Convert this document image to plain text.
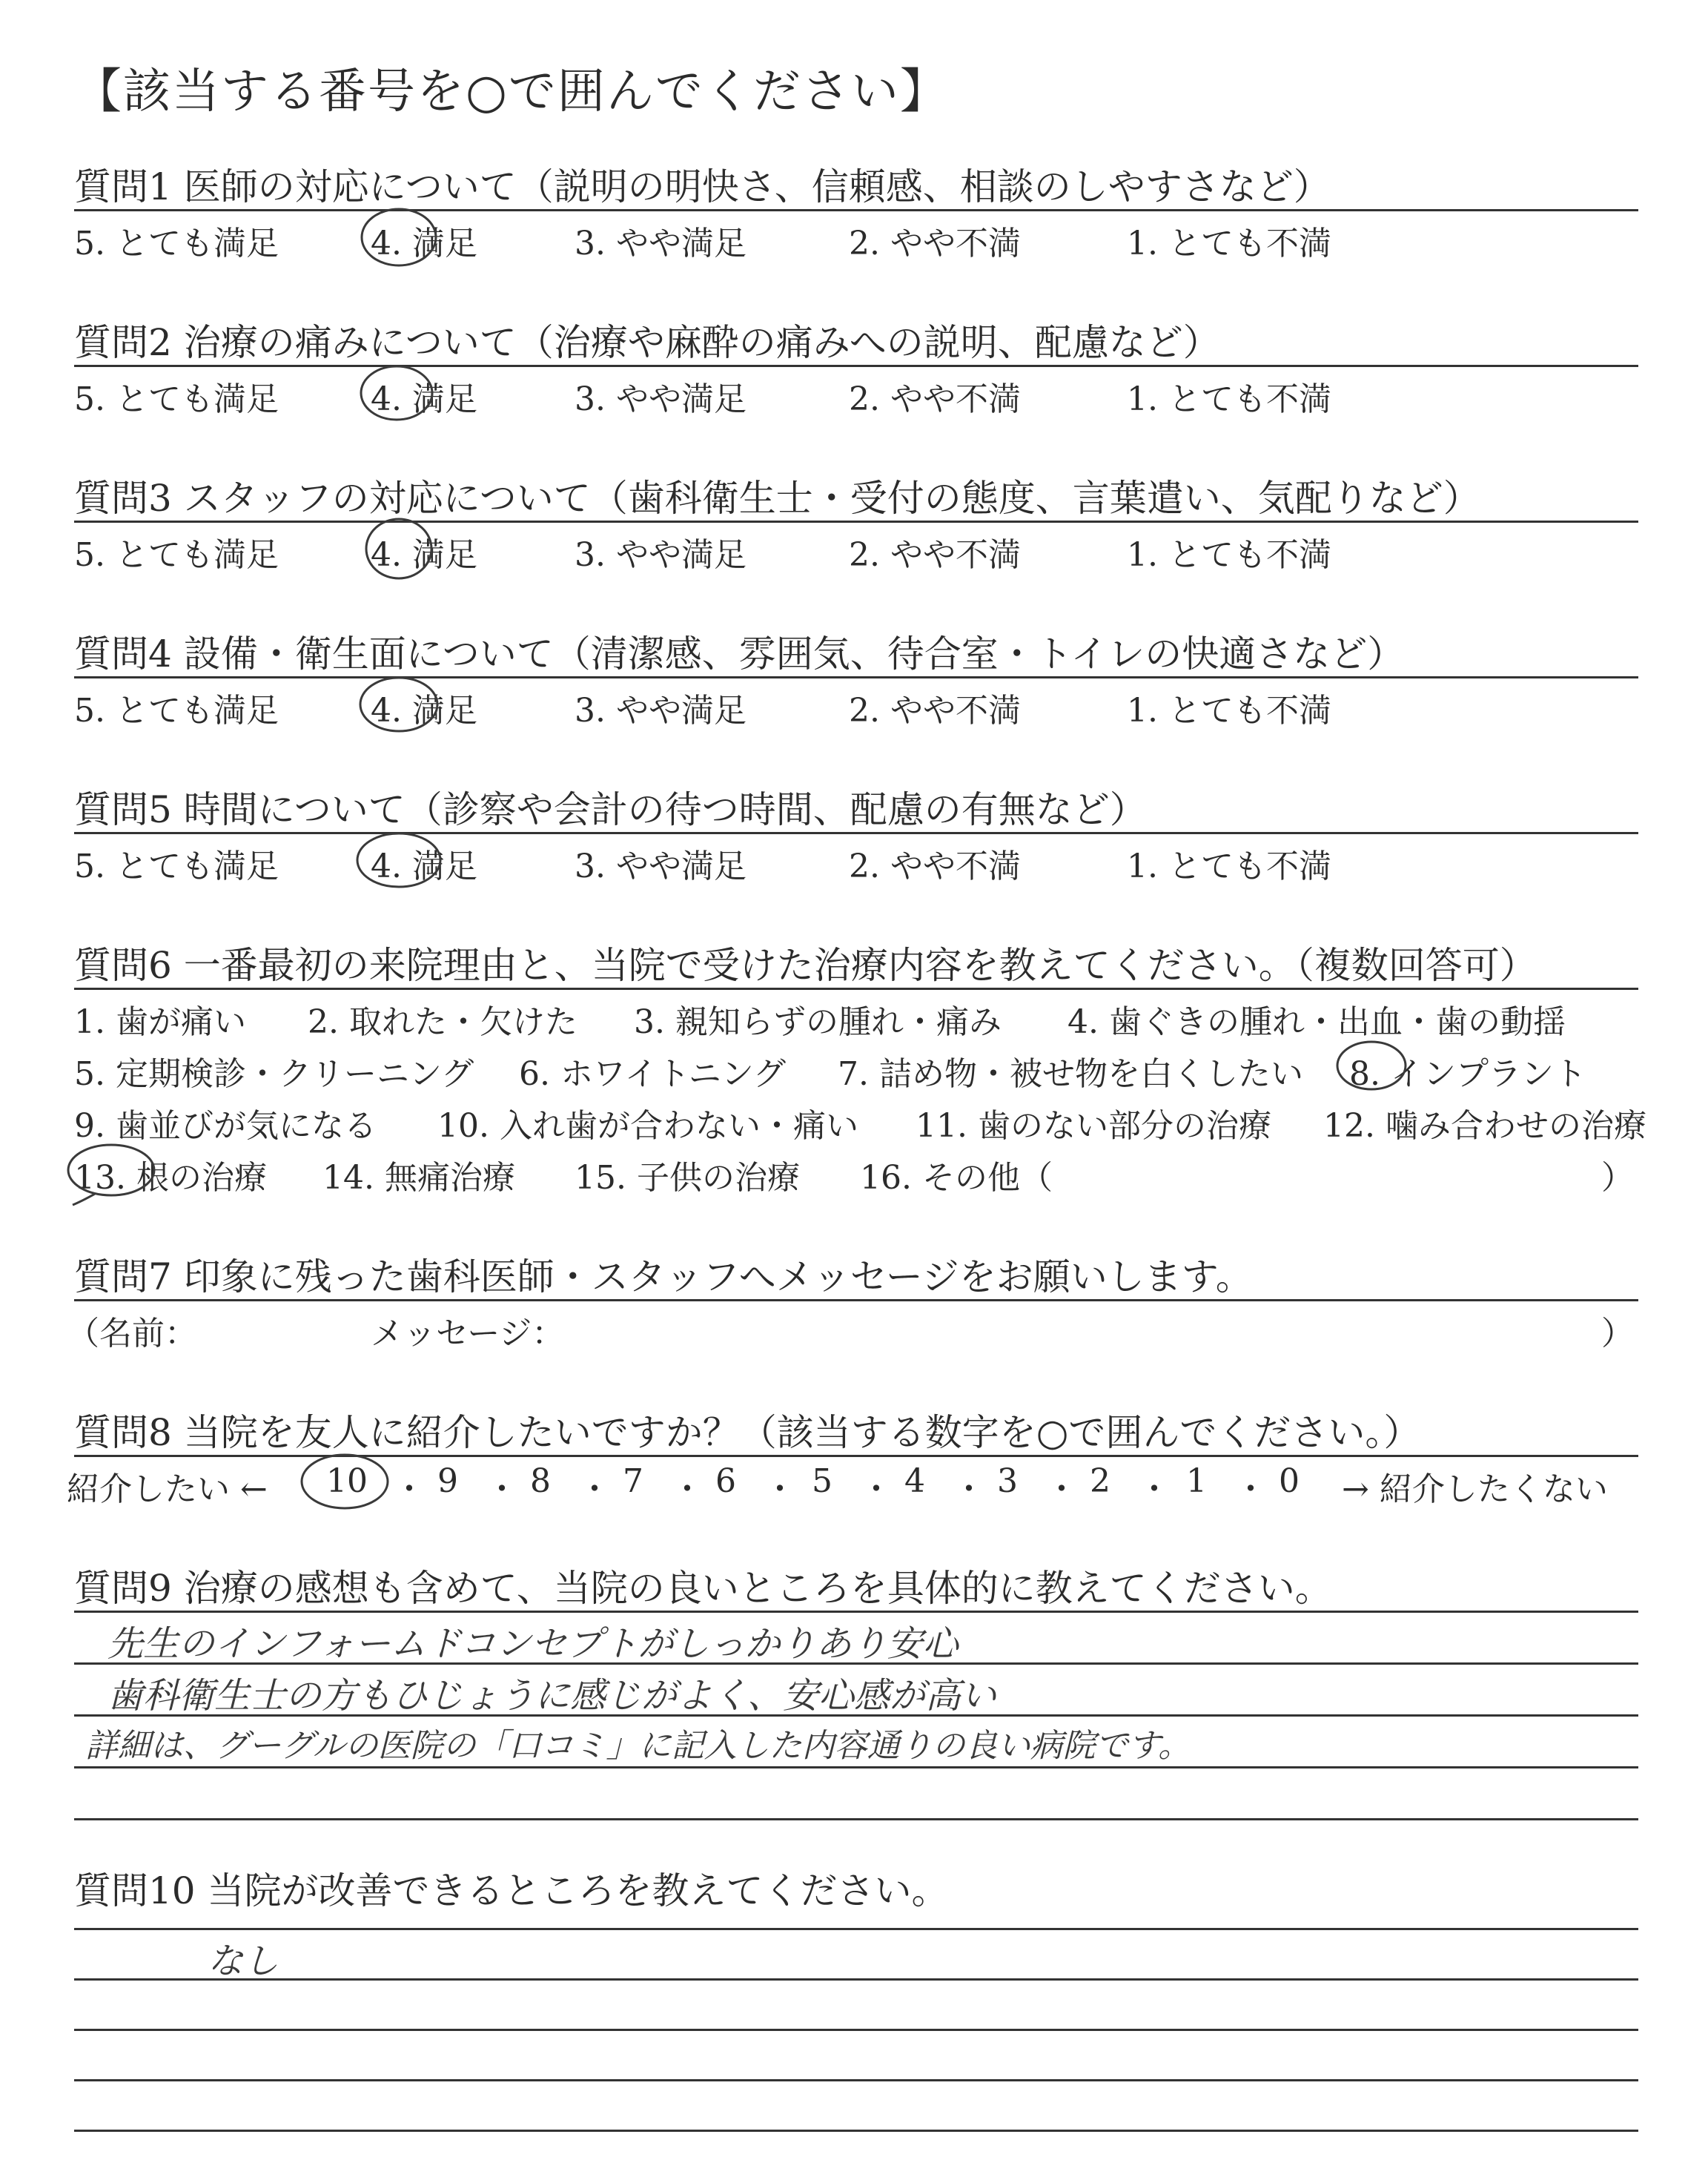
【該当する番号を○で囲んでください】
質問1 医師の対応について（説明の明快さ、信頼感、相談のしやすさなど）
5. とても満足	4. 満足	3. やや満足	2. やや不満	1. とても不満
質問2 治療の痛みについて（治療や麻酔の痛みへの説明、配慮など）
5. とても満足	4. 満足	3. やや満足	2. やや不満	1. とても不満
質問3 スタッフの対応について（歯科衛生士・受付の態度、言葉遣い、気配りなど）
5. とても満足	4. 満足	3. やや満足	2. やや不満	1. とても不満
質問4 設備・衛生面について（清潔感、雰囲気、待合室・トイレの快適さなど）
5. とても満足	4. 満足	3. やや満足	2. やや不満	1. とても不満
質問5 時間について（診察や会計の待つ時間、配慮の有無など）
5. とても満足	4. 満足	3. やや満足	2. やや不満	1. とても不満
質問6 一番最初の来院理由と、当院で受けた治療内容を教えてください。（複数回答可）
1. 歯が痛い 2. 取れた・欠けた 3. 親知らずの腫れ・痛み 4. 歯ぐきの腫れ・出血・歯の動揺
5. 定期検診・クリーニング 6. ホワイトニング 7. 詰め物・被せ物を白くしたい 8. インプラント
9. 歯並びが気になる 10. 入れ歯が合わない・痛い 11. 歯のない部分の治療 12. 噛み合わせの治療
13. 根の治療 14. 無痛治療 15. 子供の治療 16. その他（	）
質問7 印象に残った歯科医師・スタッフへメッセージをお願いします。
（名前：	メッセージ：	）
質問8 当院を友人に紹介したいですか？（該当する数字を○で囲んでください。）
紹介したい ← 10 ・ 9 ・ 8 ・ 7 ・ 6 ・ 5 ・ 4 ・ 3 ・ 2 ・ 1 ・ 0 → 紹介したくない
質問9 治療の感想も含めて、当院の良いところを具体的に教えてください。
先生のインフォームドコンセプトがしっかりあり安心
歯科衛生士の方もひじょうに感じがよく、安心感が高い
詳細は、グーグルの医院の「口コミ」に記入した内容通りの良い病院です。
質問10 当院が改善できるところを教えてください。
なし
